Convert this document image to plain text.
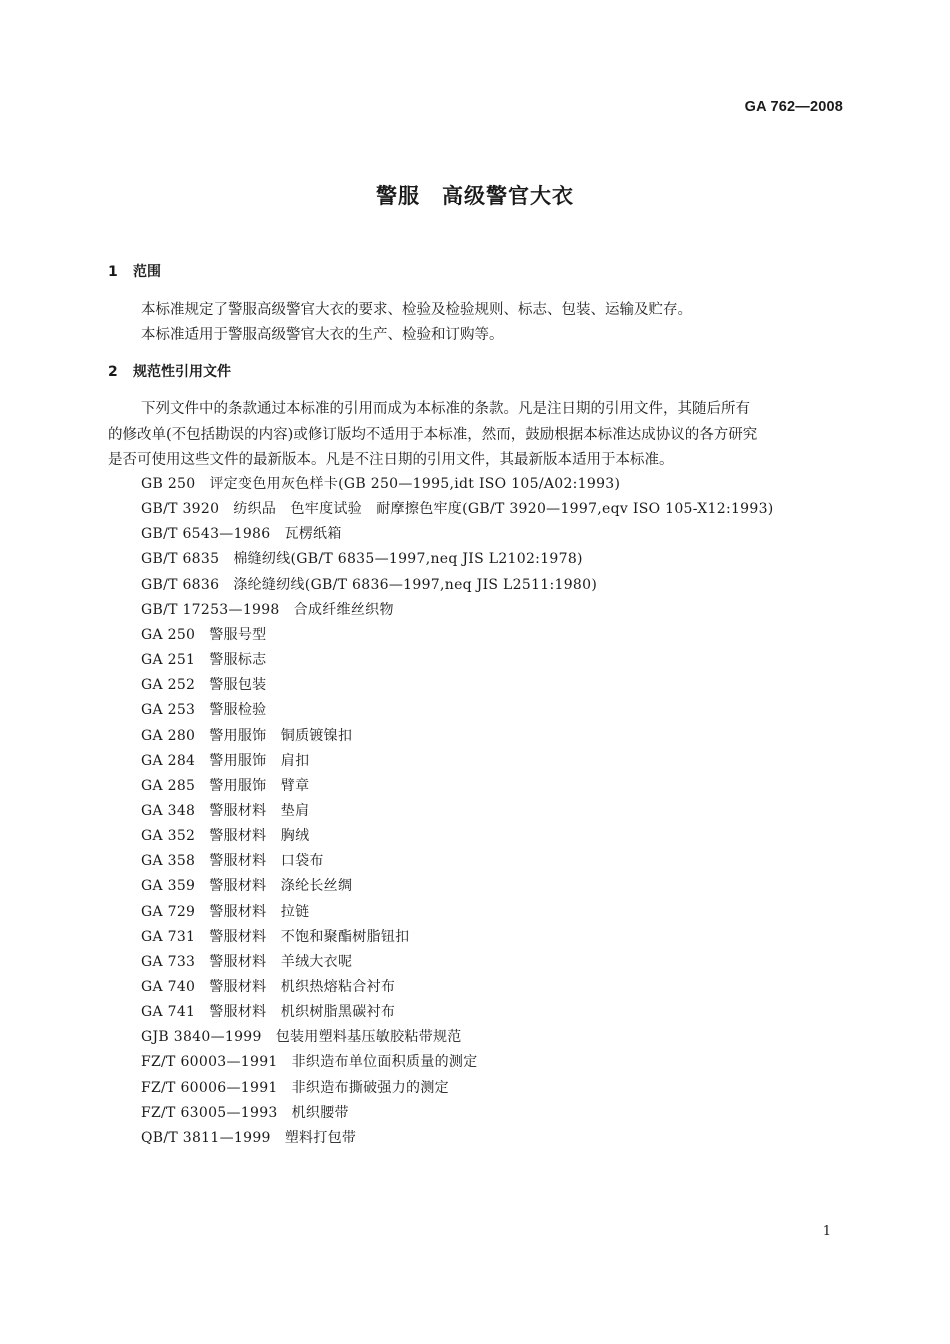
GA 762—2008
警服　高级警官大衣
1 范围
本标准规定了警服高级警官大衣的要求、检验及检验规则、标志、包装、运输及贮存。
本标准适用于警服高级警官大衣的生产、检验和订购等。
2 规范性引用文件
下列文件中的条款通过本标准的引用而成为本标准的条款。凡是注日期的引用文件，其随后所有
的修改单(不包括勘误的内容)或修订版均不适用于本标准，然而，鼓励根据本标准达成协议的各方研究
是否可使用这些文件的最新版本。凡是不注日期的引用文件，其最新版本适用于本标准。
GB 250 评定变色用灰色样卡(GB 250—1995,idt ISO 105/A02:1993)
GB/T 3920 纺织品　色牢度试验　耐摩擦色牢度(GB/T 3920—1997,eqv ISO 105-X12:1993)
GB/T 6543—1986 瓦楞纸箱
GB/T 6835 棉缝纫线(GB/T 6835—1997,neq JIS L2102:1978)
GB/T 6836 涤纶缝纫线(GB/T 6836—1997,neq JIS L2511:1980)
GB/T 17253—1998 合成纤维丝织物
GA 250 警服号型
GA 251 警服标志
GA 252 警服包装
GA 253 警服检验
GA 280 警用服饰　铜质镀镍扣
GA 284 警用服饰　肩扣
GA 285 警用服饰　臂章
GA 348 警服材料　垫肩
GA 352 警服材料　胸绒
GA 358 警服材料　口袋布
GA 359 警服材料　涤纶长丝绸
GA 729 警服材料　拉链
GA 731 警服材料　不饱和聚酯树脂钮扣
GA 733 警服材料　羊绒大衣呢
GA 740 警服材料　机织热熔粘合衬布
GA 741 警服材料　机织树脂黑碳衬布
GJB 3840—1999 包装用塑料基压敏胶粘带规范
FZ/T 60003—1991 非织造布单位面积质量的测定
FZ/T 60006—1991 非织造布撕破强力的测定
FZ/T 63005—1993 机织腰带
QB/T 3811—1999 塑料打包带
1
